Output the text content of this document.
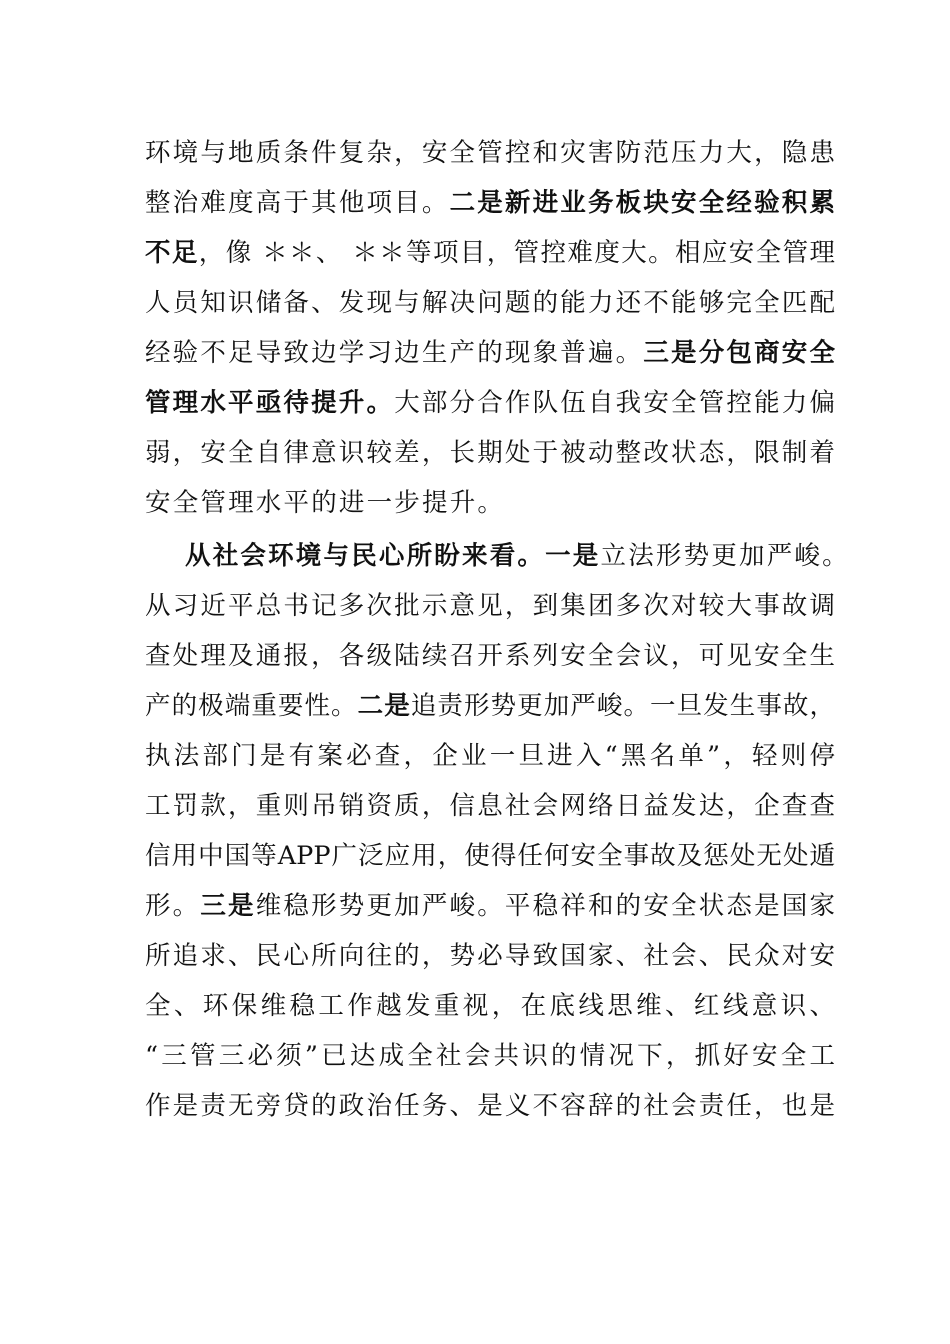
环境与地质条件复杂，安全管控和灾害防范压力大，隐患
整治难度高于其他项目。二是新进业务板块安全经验积累
不足，像 ＊＊、 ＊＊等项目，管控难度大。相应安全管理
人员知识储备、发现与解决问题的能力还不能够完全匹配
经验不足导致边学习边生产的现象普遍。三是分包商安全
管理水平亟待提升。大部分合作队伍自我安全管控能力偏
弱，安全自律意识较差，长期处于被动整改状态，限制着
安全管理水平的进一步提升。
从社会环境与民心所盼来看。一是立法形势更加严峻。
从习近平总书记多次批示意见，到集团多次对较大事故调
查处理及通报，各级陆续召开系列安全会议，可见安全生
产的极端重要性。二是追责形势更加严峻。一旦发生事故，
执法部门是有案必查，企业一旦进入“黑名单”，轻则停
工罚款，重则吊销资质，信息社会网络日益发达，企查查
信用中国等APP广泛应用，使得任何安全事故及惩处无处遁
形。三是维稳形势更加严峻。平稳祥和的安全状态是国家
所追求、民心所向往的，势必导致国家、社会、民众对安
全、环保维稳工作越发重视，在底线思维、红线意识、
“三管三必须”已达成全社会共识的情况下，抓好安全工
作是责无旁贷的政治任务、是义不容辞的社会责任，也是
